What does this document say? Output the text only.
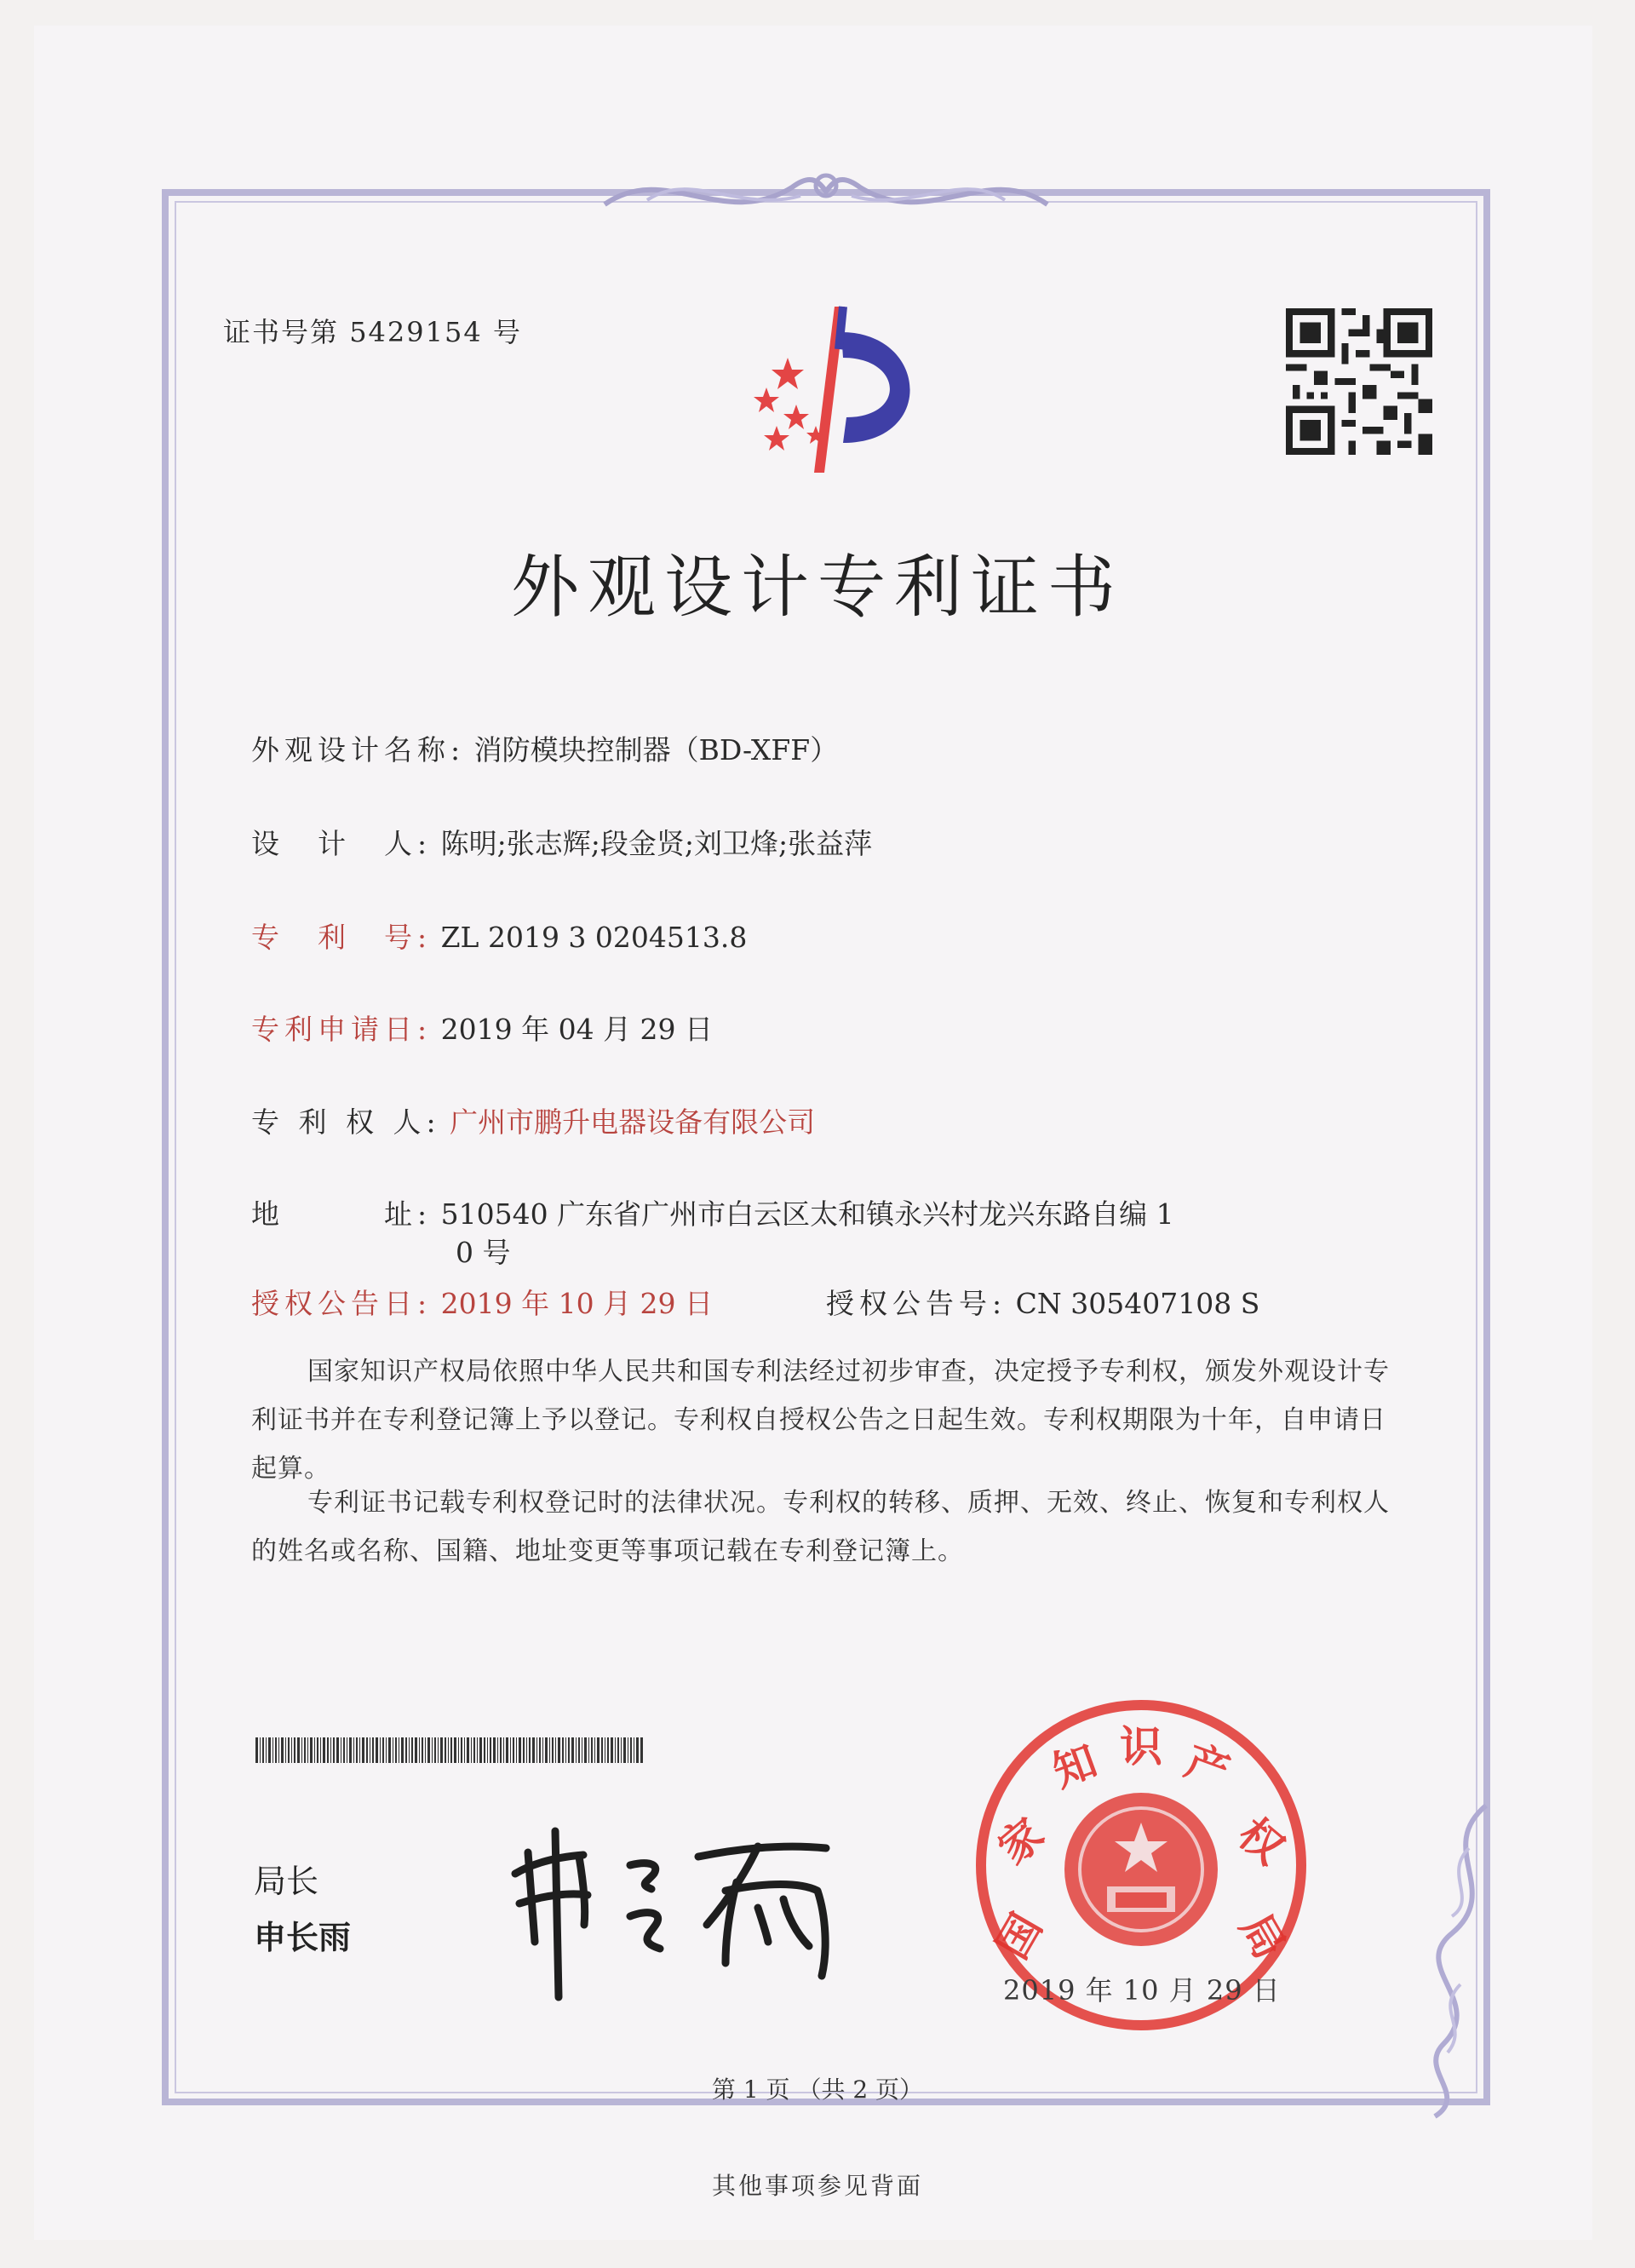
证书号第 5429154 号
外观设计专利证书
外观设计名称: 消防模块控制器（BD-XFF）
设　计　人: 陈明;张志辉;段金贤;刘卫烽;张益萍
专　利　号: ZL 2019 3 0204513.8
专利申请日: 2019 年 04 月 29 日
专 利 权 人: 广州市鹏升电器设备有限公司
地　　　址: 510540 广东省广州市白云区太和镇永兴村龙兴东路自编 1
0 号
授权公告日: 2019 年 10 月 29 日	授权公告号: CN 305407108 S
国家知识产权局依照中华人民共和国专利法经过初步审查，决定授予专利权，颁发外观设计专利证书并在专利登记簿上予以登记。专利权自授权公告之日起生效。专利权期限为十年，自申请日起算。
专利证书记载专利权登记时的法律状况。专利权的转移、质押、无效、终止、恢复和专利权人的姓名或名称、国籍、地址变更等事项记载在专利登记簿上。
局长
申长雨	国
家
知 识 产
权
局
2019 年 10 月 29 日
第 1 页 （共 2 页）
其他事项参见背面
